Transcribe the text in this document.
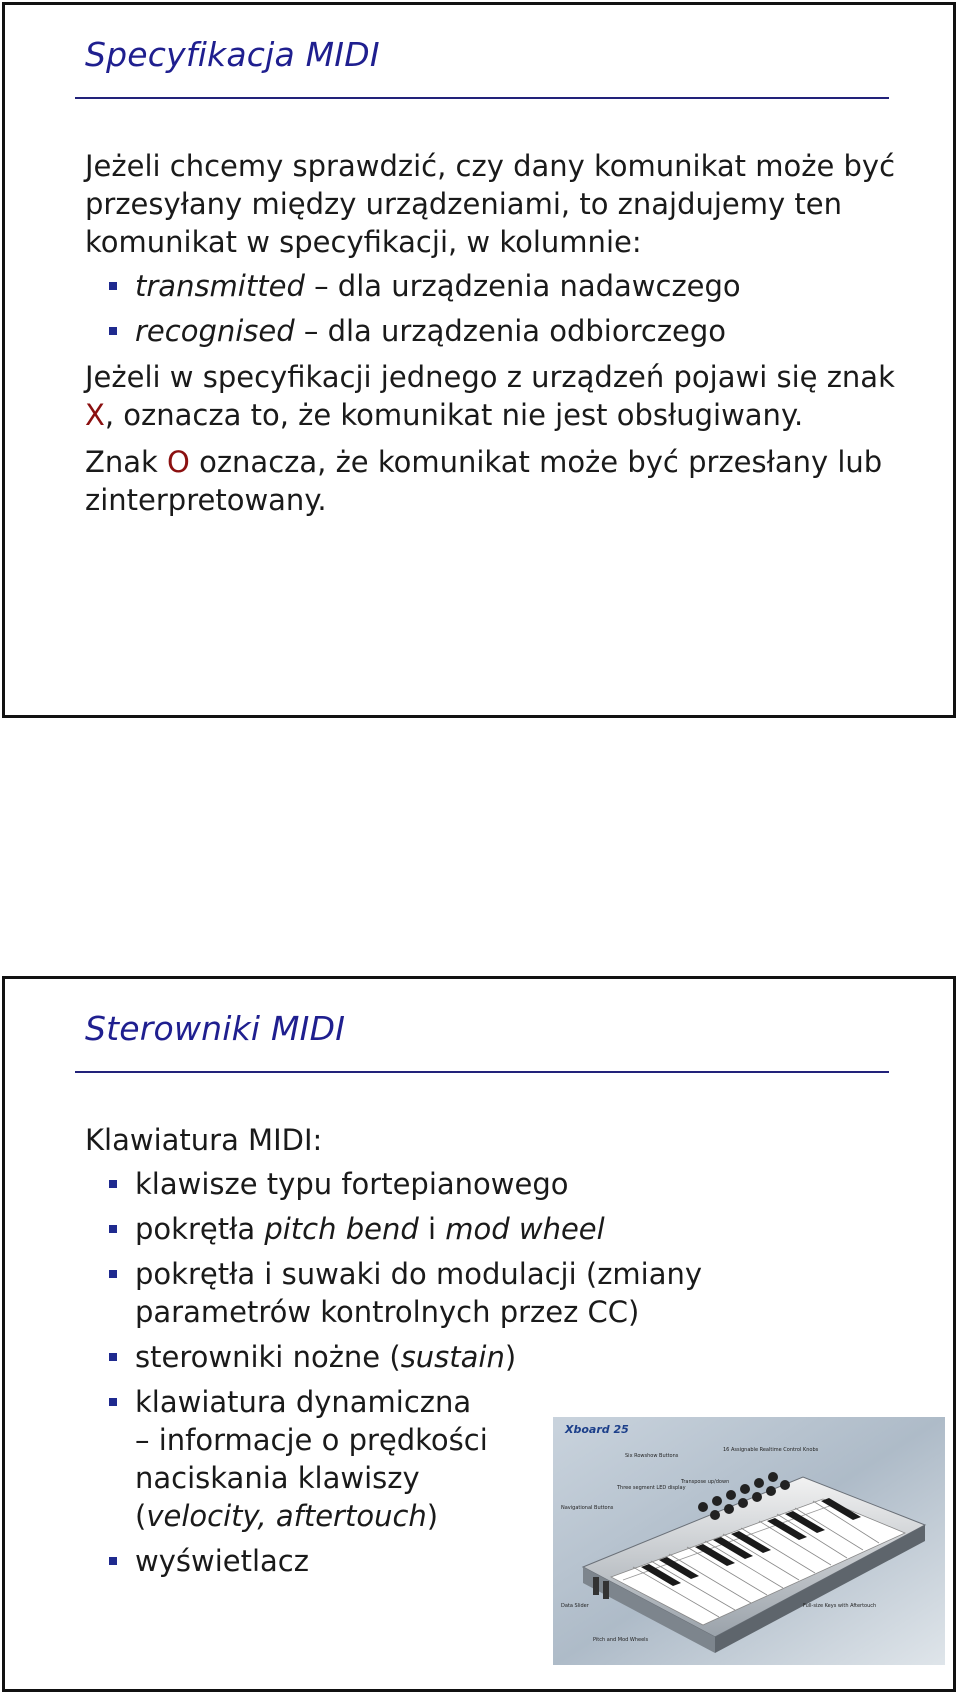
Specyfikacja MIDI

Jeżeli chcemy sprawdzić, czy dany komunikat może być przesyłany między urządzeniami, to znajdujemy ten komunikat w specyfikacji, w kolumnie:

transmitted – dla urządzenia nadawczego
recognised – dla urządzenia odbiorczego

Jeżeli w specyfikacji jednego z urządzeń pojawi się znak X, oznacza to, że komunikat nie jest obsługiwany.

Znak O oznacza, że komunikat może być przesłany lub zinterpretowany.

Sterowniki MIDI

Klawiatura MIDI:

klawisze typu fortepianowego
pokrętła pitch bend i mod wheel
pokrętła i suwaki do modulacji (zmiany parametrów kontrolnych przez CC)
sterowniki nożne (sustain)
klawiatura dynamiczna
– informacje o prędkości
naciskania klawiszy
(velocity, aftertouch)
wyświetlacz
Xboard 25
Six Rowshow Buttons
16 Assignable Realtime Control Knobs
Three segment LED display
Transpose up/down
Navigational Buttons
Data Slider	Full-size Keys with Aftertouch
Pitch and Mod Wheels
